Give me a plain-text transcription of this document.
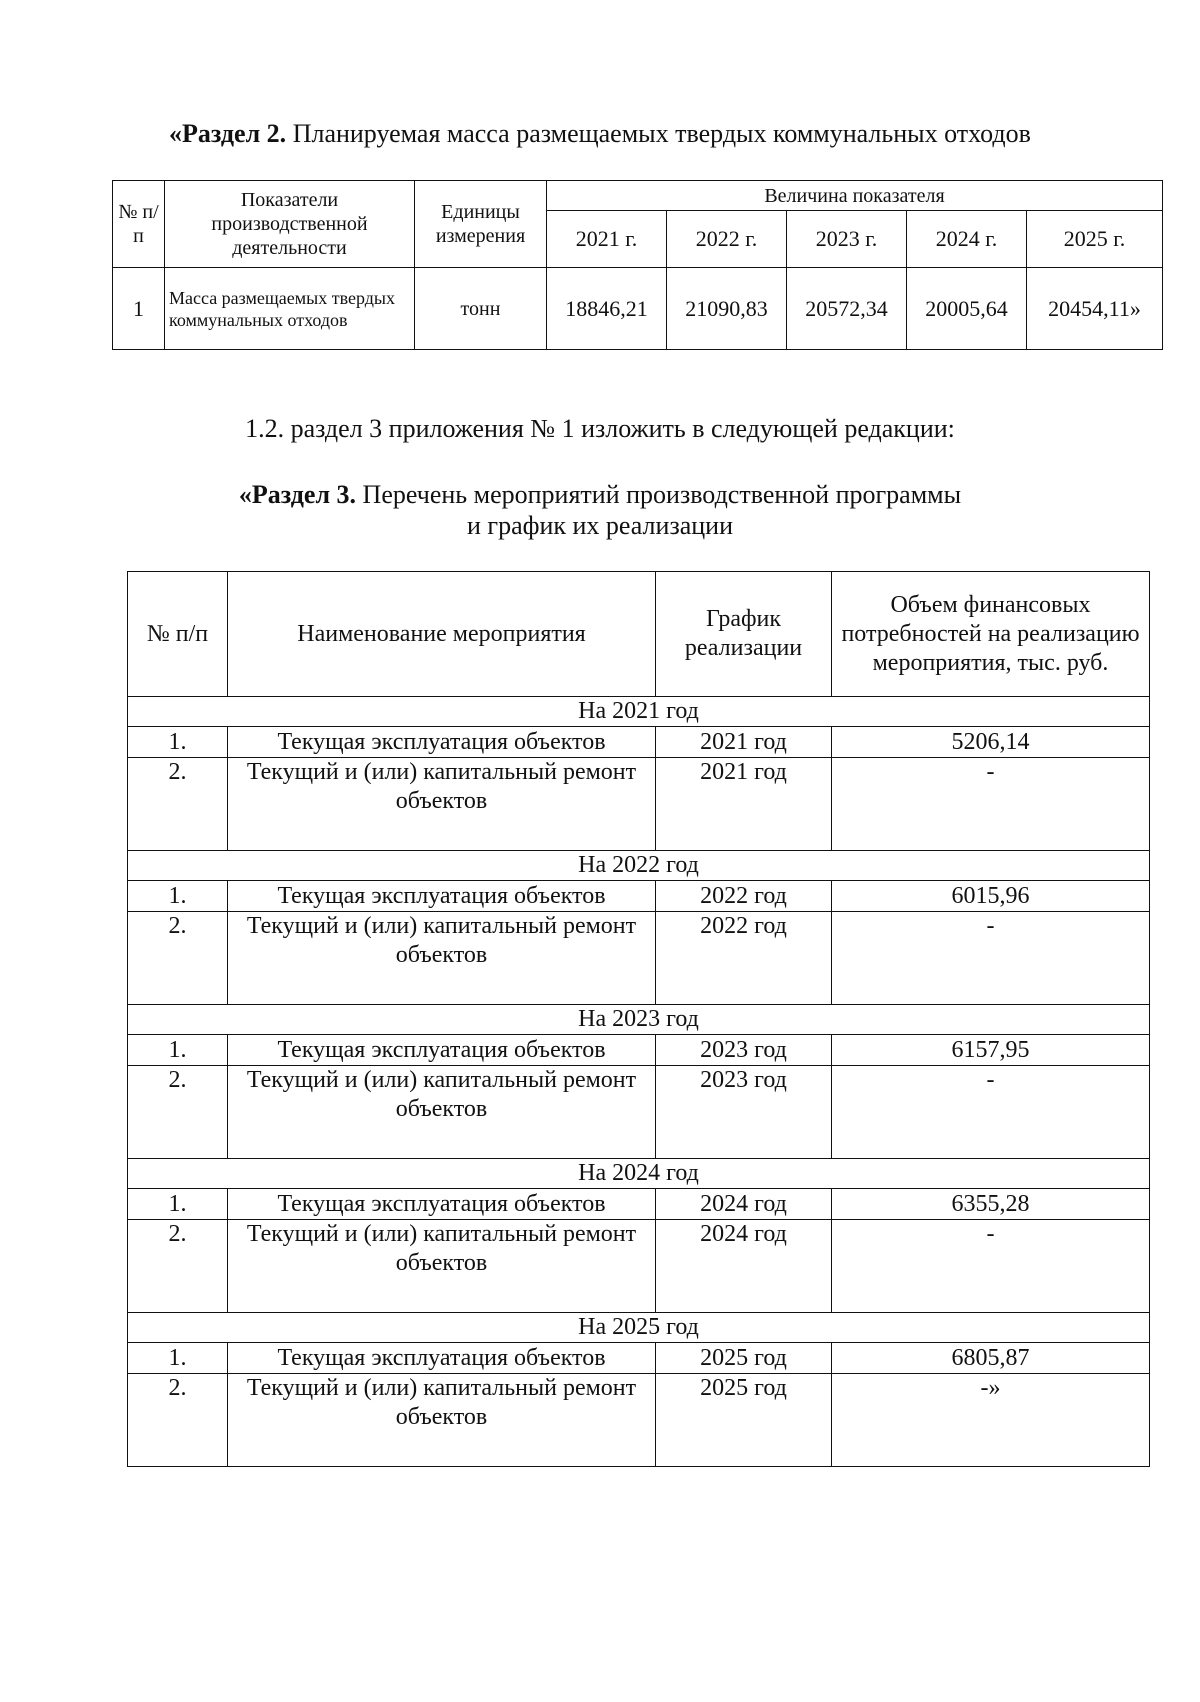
«Раздел 2. Планируемая масса размещаемых твердых коммунальных отходов
№ п/п	Показатели производственной деятельности	Единицы измерения	Величина показателя				
			2021 г.	2022 г.	2023 г.	2024 г.	2025 г.
1	Масса размещаемых твердых коммунальных отходов	тонн	18846,21	21090,83	20572,34	20005,64	20454,11»
1.2. раздел 3 приложения № 1 изложить в следующей редакции:
«Раздел 3. Перечень мероприятий производственной программы
и график их реализации
№ п/п	Наименование мероприятия	График реализации	Объем финансовых потребностей на реализацию мероприятия, тыс. руб.
На 2021 год			
1.	Текущая эксплуатация объектов	2021 год	5206,14
2.	Текущий и (или) капитальный ремонт объектов	2021 год	-
На 2022 год			
1.	Текущая эксплуатация объектов	2022 год	6015,96
2.	Текущий и (или) капитальный ремонт объектов	2022 год	-
На 2023 год			
1.	Текущая эксплуатация объектов	2023 год	6157,95
2.	Текущий и (или) капитальный ремонт объектов	2023 год	-
На 2024 год			
1.	Текущая эксплуатация объектов	2024 год	6355,28
2.	Текущий и (или) капитальный ремонт объектов	2024 год	-
На 2025 год			
1.	Текущая эксплуатация объектов	2025 год	6805,87
2.	Текущий и (или) капитальный ремонт объектов	2025 год	-»
